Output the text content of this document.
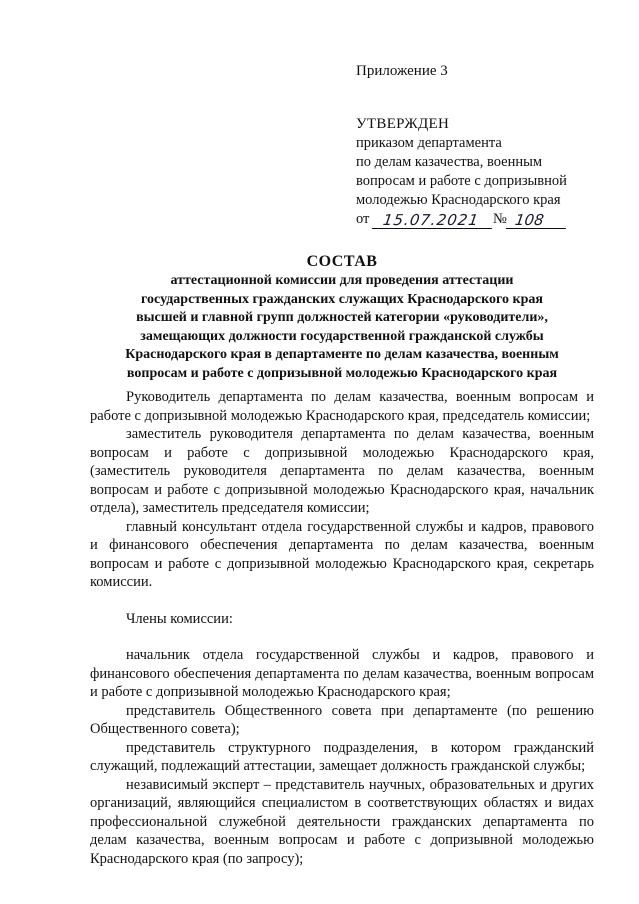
Приложение 3
УТВЕРЖДЕН
приказом департамента
по делам казачества, военным
вопросам и работе с допризывной
молодежью Краснодарского края
от
15.07.2021 № 108
СОСТАВ
аттестационной комиссии для проведения аттестации
государственных гражданских служащих Краснодарского края
высшей и главной групп должностей категории «руководители»,
замещающих должности государственной гражданской службы
Краснодарского края в департаменте по делам казачества, военным
вопросам и работе с допризывной молодежью Краснодарского края

Руководитель департамента по делам казачества, военным вопросам и работе с допризывной молодежью Краснодарского края, председатель комиссии;

заместитель руководителя департамента по делам казачества, военным вопросам и работе с допризывной молодежью Краснодарского края, (заместитель руководителя департамента по делам казачества, военным вопросам и работе с допризывной молодежью Краснодарского края, начальник отдела), заместитель председателя комиссии;

главный консультант отдела государственной службы и кадров, правового и финансового обеспечения департамента по делам казачества, военным вопросам и работе с допризывной молодежью Краснодарского края, секретарь комиссии.

Члены комиссии:

начальник отдела государственной службы и кадров, правового и финансового обеспечения департамента по делам казачества, военным вопросам и работе с допризывной молодежью Краснодарского края;

представитель Общественного совета при департаменте (по решению Общественного совета);

представитель структурного подразделения, в котором гражданский служащий, подлежащий аттестации, замещает должность гражданской службы;

независимый эксперт – представитель научных, образовательных и других организаций, являющийся специалистом в соответствующих областях и видах профессиональной служебной деятельности гражданских департамента по делам казачества, военным вопросам и работе с допризывной молодежью Краснодарского края (по запросу);
